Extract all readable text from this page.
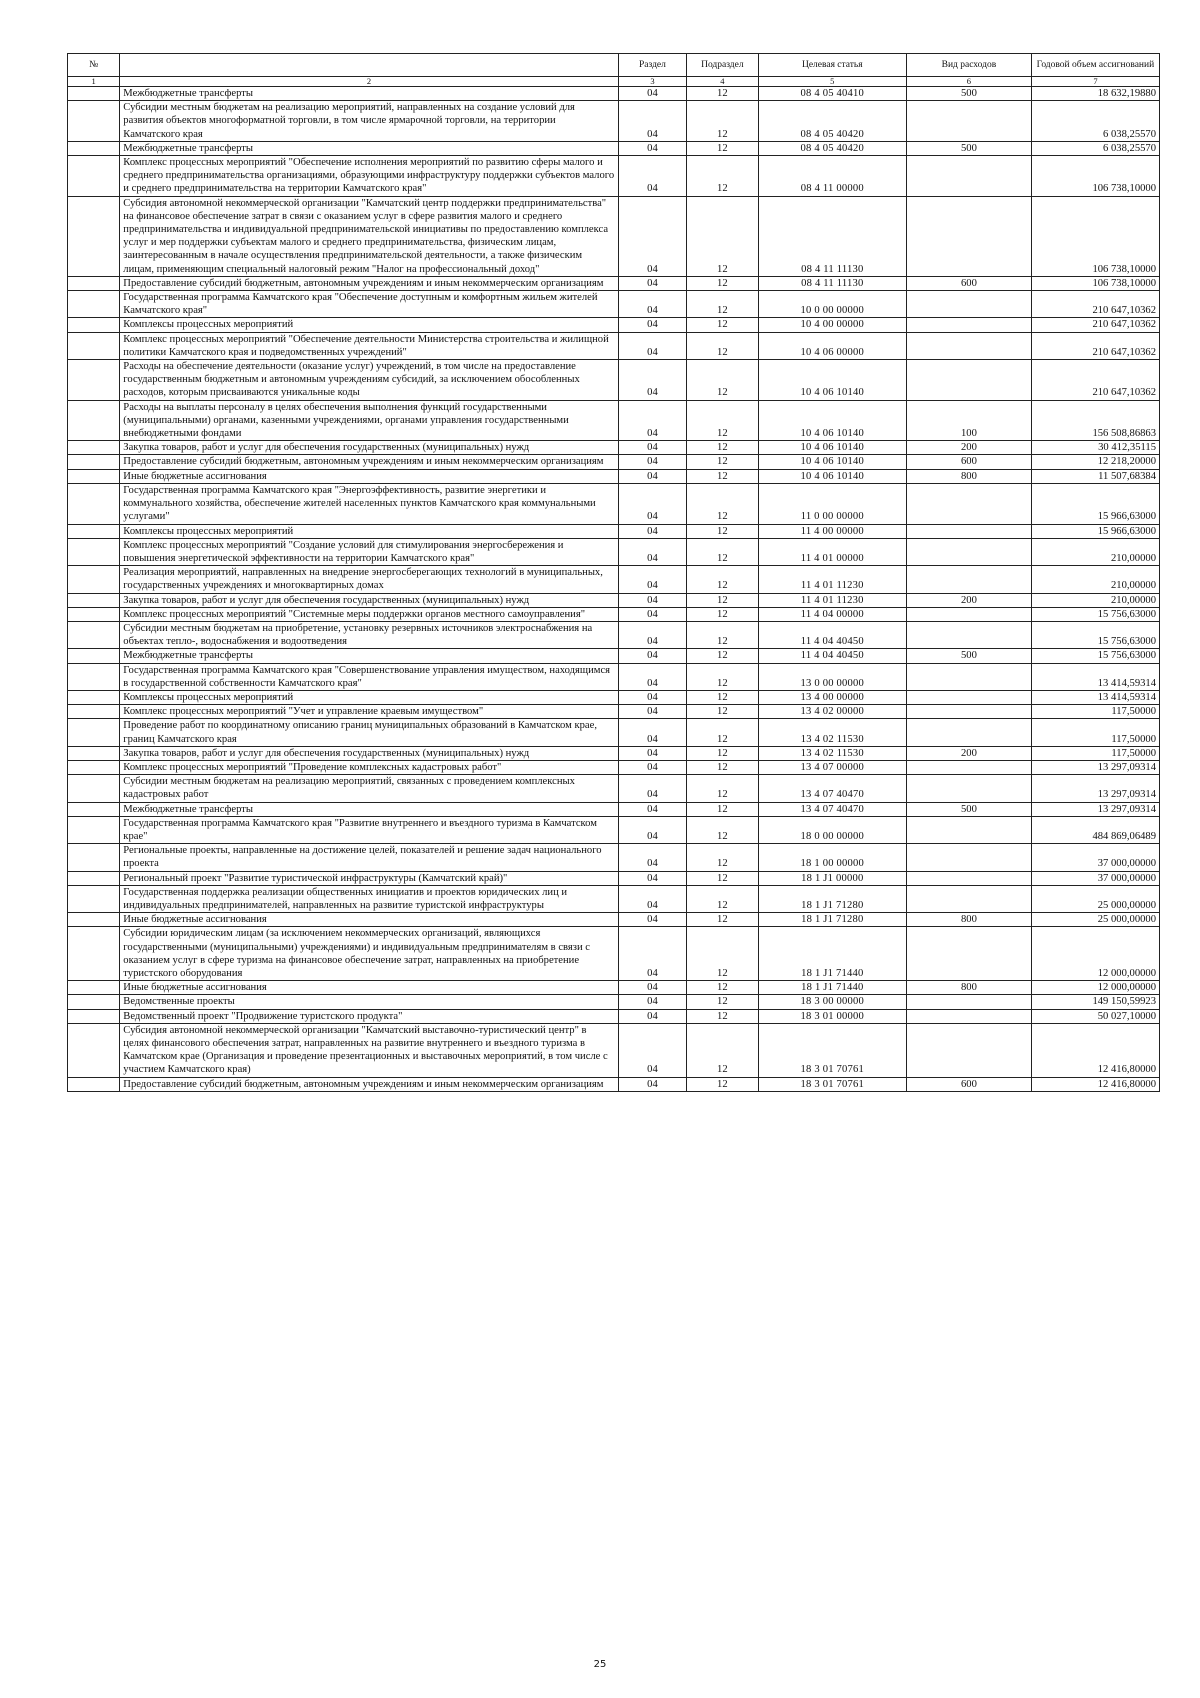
№		Раздел	Подраздел	Целевая статья	Вид расходов	Годовой объем ассигнований
1	2	3	4	5	6	7
	Межбюджетные трансферты	04	12	08 4 05 40410	500	18 632,19880
	Субсидии местным бюджетам на реализацию мероприятий, направленных на создание условий для развития объектов многоформатной торговли, в том числе ярмарочной торговли, на территории Камчатского края	04	12	08 4 05 40420		6 038,25570
	Межбюджетные трансферты	04	12	08 4 05 40420	500	6 038,25570
	Комплекс процессных мероприятий "Обеспечение исполнения мероприятий по развитию сферы малого и среднего предпринимательства организациями, образующими инфраструктуру поддержки субъектов малого и среднего предпринимательства на территории Камчатского края"	04	12	08 4 11 00000		106 738,10000
	Субсидия автономной некоммерческой организации "Камчатский центр поддержки предпринимательства" на финансовое обеспечение затрат в связи с оказанием услуг в сфере развития малого и среднего предпринимательства и индивидуальной предпринимательской инициативы по предоставлению комплекса услуг и мер поддержки субъектам малого и среднего предпринимательства, физическим лицам, заинтересованным в начале осуществления предпринимательской деятельности, а также физическим лицам, применяющим специальный налоговый режим "Налог на профессиональный доход"	04	12	08 4 11 11130		106 738,10000
	Предоставление субсидий бюджетным, автономным учреждениям и иным некоммерческим организациям	04	12	08 4 11 11130	600	106 738,10000
	Государственная программа Камчатского края "Обеспечение доступным и комфортным жильем жителей Камчатского края"	04	12	10 0 00 00000		210 647,10362
	Комплексы процессных мероприятий	04	12	10 4 00 00000		210 647,10362
	Комплекс процессных мероприятий "Обеспечение деятельности Министерства строительства и жилищной политики Камчатского края и подведомственных учреждений"	04	12	10 4 06 00000		210 647,10362
	Расходы на обеспечение деятельности (оказание услуг) учреждений, в том числе на предоставление государственным бюджетным и автономным учреждениям субсидий, за исключением обособленных расходов, которым присваиваются уникальные коды	04	12	10 4 06 10140		210 647,10362
	Расходы на выплаты персоналу в целях обеспечения выполнения функций государственными (муниципальными) органами, казенными учреждениями, органами управления государственными внебюджетными фондами	04	12	10 4 06 10140	100	156 508,86863
	Закупка товаров, работ и услуг для обеспечения государственных (муниципальных) нужд	04	12	10 4 06 10140	200	30 412,35115
	Предоставление субсидий бюджетным, автономным учреждениям и иным некоммерческим организациям	04	12	10 4 06 10140	600	12 218,20000
	Иные бюджетные ассигнования	04	12	10 4 06 10140	800	11 507,68384
	Государственная программа Камчатского края "Энергоэффективность, развитие энергетики и коммунального хозяйства, обеспечение жителей населенных пунктов Камчатского края коммунальными услугами"	04	12	11 0 00 00000		15 966,63000
	Комплексы процессных мероприятий	04	12	11 4 00 00000		15 966,63000
	Комплекс процессных мероприятий "Создание условий для стимулирования энергосбережения и повышения энергетической эффективности на территории Камчатского края"	04	12	11 4 01 00000		210,00000
	Реализация мероприятий, направленных на внедрение энергосберегающих технологий в муниципальных, государственных учреждениях и многоквартирных домах	04	12	11 4 01 11230		210,00000
	Закупка товаров, работ и услуг для обеспечения государственных (муниципальных) нужд	04	12	11 4 01 11230	200	210,00000
	Комплекс процессных мероприятий "Системные меры поддержки органов местного самоуправления"	04	12	11 4 04 00000		15 756,63000
	Субсидии местным бюджетам на приобретение, установку резервных источников электроснабжения на объектах тепло-, водоснабжения и водоотведения	04	12	11 4 04 40450		15 756,63000
	Межбюджетные трансферты	04	12	11 4 04 40450	500	15 756,63000
	Государственная программа Камчатского края "Совершенствование управления имуществом, находящимся в государственной собственности Камчатского края"	04	12	13 0 00 00000		13 414,59314
	Комплексы процессных мероприятий	04	12	13 4 00 00000		13 414,59314
	Комплекс процессных мероприятий "Учет и управление краевым имуществом"	04	12	13 4 02 00000		117,50000
	Проведение работ по координатному описанию границ муниципальных образований в Камчатском крае, границ Камчатского края	04	12	13 4 02 11530		117,50000
	Закупка товаров, работ и услуг для обеспечения государственных (муниципальных) нужд	04	12	13 4 02 11530	200	117,50000
	Комплекс процессных мероприятий "Проведение комплексных кадастровых работ"	04	12	13 4 07 00000		13 297,09314
	Субсидии местным бюджетам на реализацию мероприятий, связанных с проведением комплексных кадастровых работ	04	12	13 4 07 40470		13 297,09314
	Межбюджетные трансферты	04	12	13 4 07 40470	500	13 297,09314
	Государственная программа Камчатского края "Развитие внутреннего и въездного туризма в Камчатском крае"	04	12	18 0 00 00000		484 869,06489
	Региональные проекты, направленные на достижение целей, показателей и решение задач национального проекта	04	12	18 1 00 00000		37 000,00000
	Региональный проект "Развитие туристической инфраструктуры (Камчатский край)"	04	12	18 1 J1 00000		37 000,00000
	Государственная поддержка реализации общественных инициатив и проектов юридических лиц и индивидуальных предпринимателей, направленных на развитие туристской инфраструктуры	04	12	18 1 J1 71280		25 000,00000
	Иные бюджетные ассигнования	04	12	18 1 J1 71280	800	25 000,00000
	Субсидии юридическим лицам (за исключением некоммерческих организаций, являющихся государственными (муниципальными) учреждениями) и индивидуальным предпринимателям в связи с оказанием услуг в сфере туризма на финансовое обеспечение затрат, направленных на приобретение туристского оборудования	04	12	18 1 J1 71440		12 000,00000
	Иные бюджетные ассигнования	04	12	18 1 J1 71440	800	12 000,00000
	Ведомственные проекты	04	12	18 3 00 00000		149 150,59923
	Ведомственный проект "Продвижение туристского продукта"	04	12	18 3 01 00000		50 027,10000
	Субсидия автономной некоммерческой организации "Камчатский выставочно-туристический центр" в целях финансового обеспечения затрат, направленных на развитие внутреннего и въездного туризма в Камчатском крае (Организация и проведение презентационных и выставочных мероприятий, в том числе с участием Камчатского края)	04	12	18 3 01 70761		12 416,80000
	Предоставление субсидий бюджетным, автономным учреждениям и иным некоммерческим организациям	04	12	18 3 01 70761	600	12 416,80000
25
